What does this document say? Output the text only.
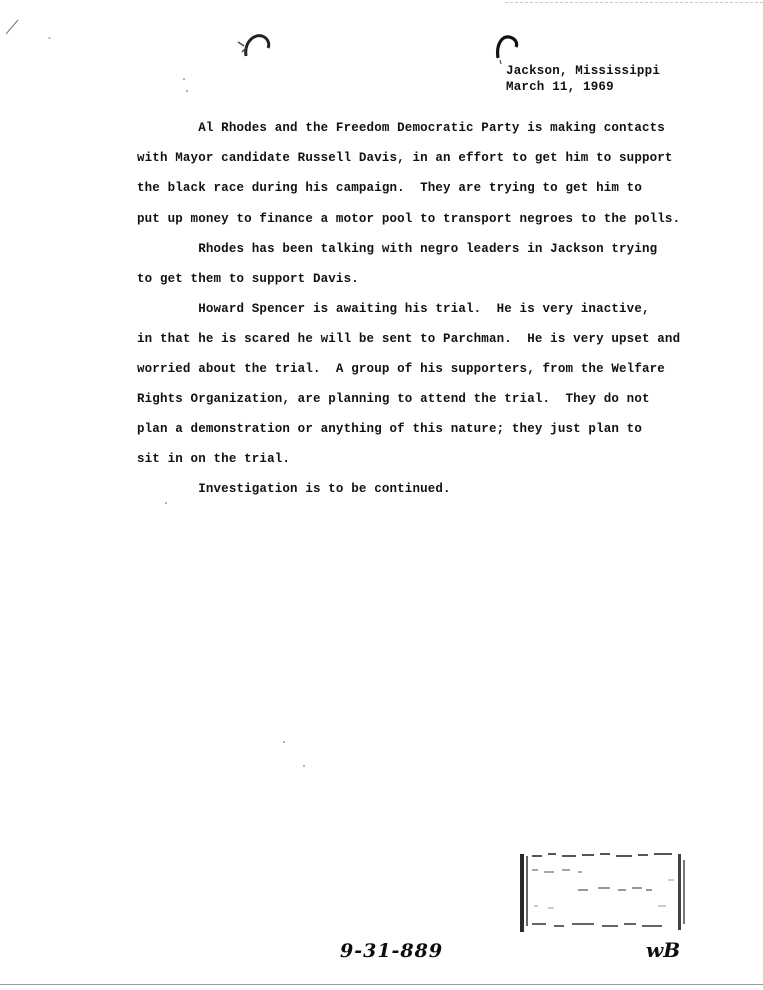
Jackson, Mississippi
March 11, 1969
Al Rhodes and the Freedom Democratic Party is making contacts
with Mayor candidate Russell Davis, in an effort to get him to support
the black race during his campaign.  They are trying to get him to
put up money to finance a motor pool to transport negroes to the polls.
Rhodes has been talking with negro leaders in Jackson trying
to get them to support Davis.
Howard Spencer is awaiting his trial.  He is very inactive,
in that he is scared he will be sent to Parchman.  He is very upset and
worried about the trial.  A group of his supporters, from the Welfare
Rights Organization, are planning to attend the trial.  They do not
plan a demonstration or anything of this nature; they just plan to
sit in on the trial.
Investigation is to be continued.
9-31-889	wB
